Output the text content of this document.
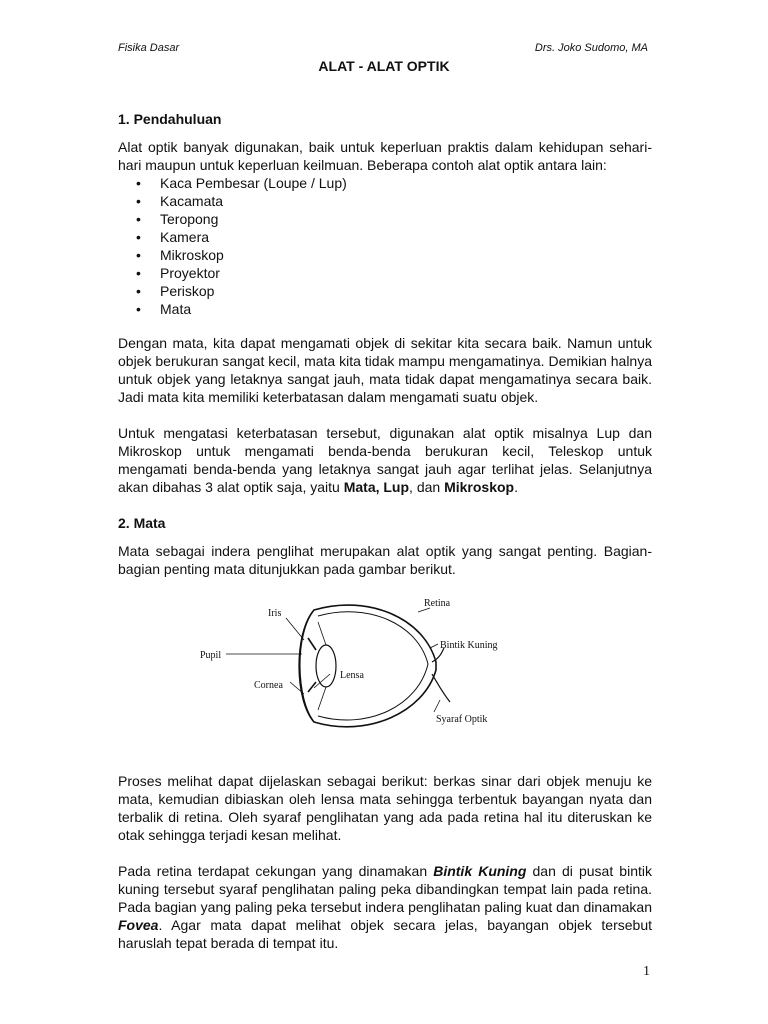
Fisika Dasar	Drs. Joko Sudomo, MA
ALAT - ALAT OPTIK
1. Pendahuluan

Alat optik banyak digunakan, baik untuk keperluan praktis dalam kehidupan sehari-hari maupun untuk keperluan keilmuan. Beberapa contoh alat optik antara lain:

• Kaca Pembesar (Loupe / Lup)
• Kacamata
• Teropong
• Kamera
• Mikroskop
• Proyektor
• Periskop
• Mata

Dengan mata, kita dapat mengamati objek di sekitar kita secara baik. Namun untuk objek berukuran sangat kecil, mata kita tidak mampu mengamatinya. Demikian halnya untuk objek yang letaknya sangat jauh, mata tidak dapat mengamatinya secara baik. Jadi mata kita memiliki keterbatasan dalam mengamati suatu objek.

Untuk mengatasi keterbatasan tersebut, digunakan alat optik misalnya Lup dan Mikroskop untuk mengamati benda-benda berukuran kecil, Teleskop untuk mengamati benda-benda yang letaknya sangat jauh agar terlihat jelas. Selanjutnya akan dibahas 3 alat optik saja, yaitu Mata, Lup, dan Mikroskop.

2. Mata

Mata sebagai indera penglihat merupakan alat optik yang sangat penting. Bagian-bagian penting mata ditunjukkan pada gambar berikut.

Retina
Iris
Pupil
Bintik Kuning
Lensa
Cornea
Syaraf Optik

Proses melihat dapat dijelaskan sebagai berikut: berkas sinar dari objek menuju ke mata, kemudian dibiaskan oleh lensa mata sehingga terbentuk bayangan nyata dan terbalik di retina. Oleh syaraf penglihatan yang ada pada retina hal itu diteruskan ke otak sehingga terjadi kesan melihat.

Pada retina terdapat cekungan yang dinamakan Bintik Kuning dan di pusat bintik kuning tersebut syaraf penglihatan paling peka dibandingkan tempat lain pada retina. Pada bagian yang paling peka tersebut indera penglihatan paling kuat dan dinamakan Fovea. Agar mata dapat melihat objek secara jelas, bayangan objek tersebut haruslah tepat berada di tempat itu.

1
